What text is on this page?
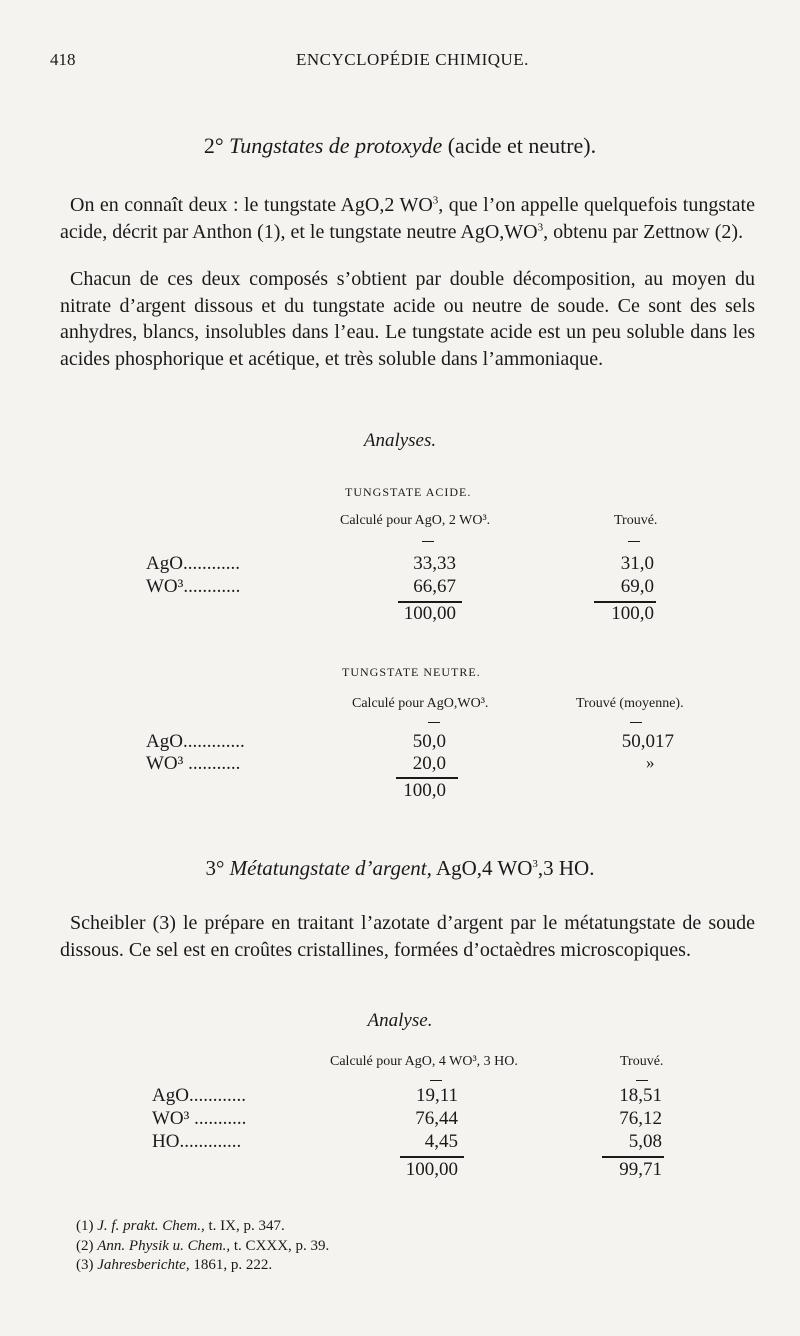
418	ENCYCLOPÉDIE CHIMIQUE.
2° Tungstates de protoxyde (acide et neutre).
On en connaît deux : le tungstate AgO,2 $WO^3$, que l’on appelle quelquefois tungstate acide, décrit par Anthon (1), et le tungstate neutre $AgO,WO^3$, obtenu par Zettnow (2).
Chacun de ces deux composés s’obtient par double décomposition, au moyen du nitrate d’argent dissous et du tungstate acide ou neutre de soude. Ce sont des sels anhydres, blancs, insolubles dans l’eau. Le tungstate acide est un peu soluble dans les acides phosphorique et acétique, et très soluble dans l’ammoniaque.
Analyses.
TUNGSTATE ACIDE.
Calculé pour AgO, 2 WO³.	Trouvé.
AgO............	33,33	31,0
WO³............	66,67	69,0
100,00	100,0
TUNGSTATE NEUTRE.
Calculé pour AgO,WO³.	Trouvé (moyenne).
AgO.............	50,0	50,017
WO³ ...........	20,0	»
100,0
3° Métatungstate d’argent, AgO,4 $WO^3,3$ HO.
Scheibler (3) le prépare en traitant l’azotate d’argent par le métatungstate de soude dissous. Ce sel est en croûtes cristallines, formées d’octaèdres microscopiques.
Analyse.
Calculé pour AgO, 4 WO³, 3 HO.	Trouvé.
AgO............	19,11	18,51
WO³ ...........	76,44	76,12
HO.............	4,45	5,08
100,00	99,71
(1) J. f. prakt. Chem., t. IX, p. 347.
(2) Ann. Physik u. Chem., t. CXXX, p. 39.
(3) Jahresberichte, 1861, p. 222.
